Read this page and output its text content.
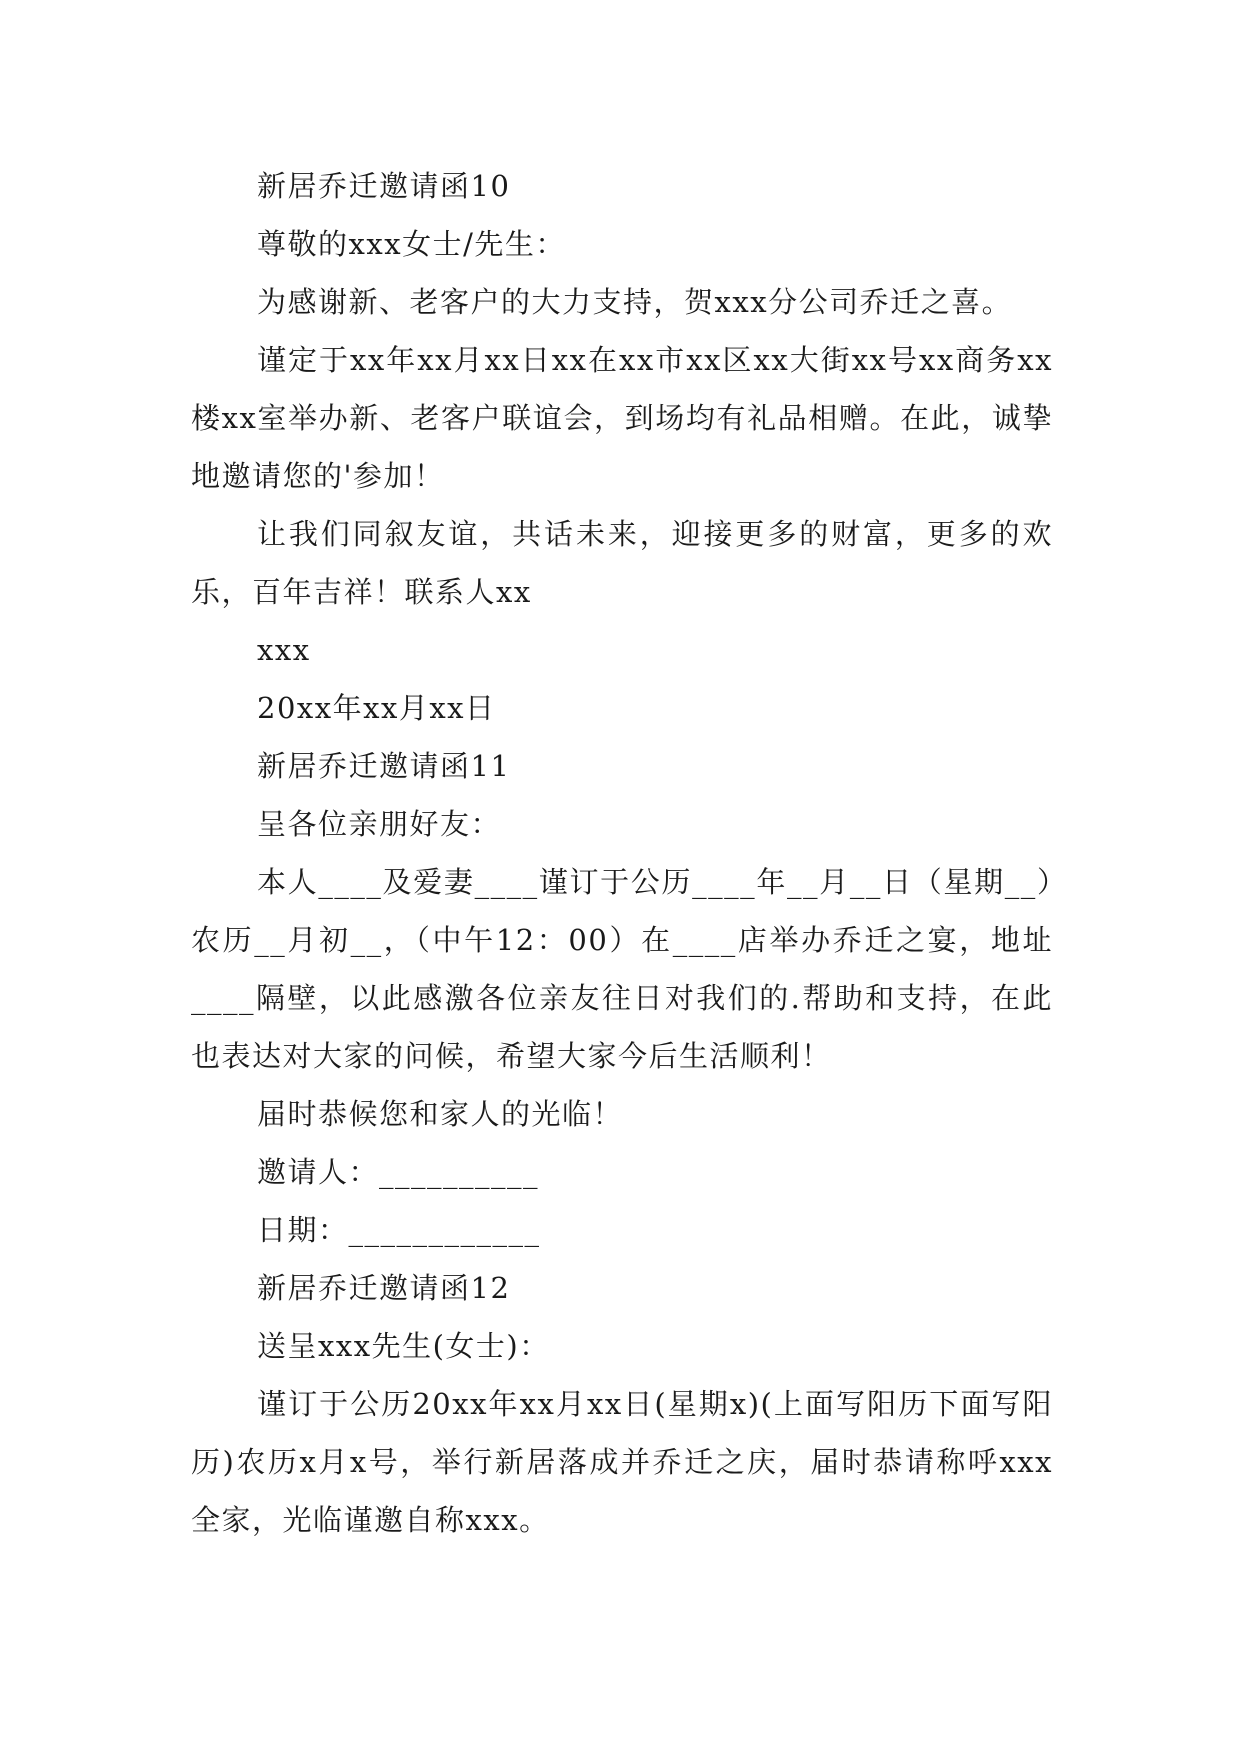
新居乔迁邀请函10

尊敬的xxx女士/先生：

为感谢新、老客户的大力支持，贺xxx分公司乔迁之喜。

谨定于xx年xx月xx日xx在xx市xx区xx大街xx号xx商务xx楼xx室举办新、老客户联谊会，到场均有礼品相赠。在此，诚挚地邀请您的'参加！

让我们同叙友谊，共话未来，迎接更多的财富，更多的欢乐，百年吉祥！联系人xx

xxx

20xx年xx月xx日

新居乔迁邀请函11

呈各位亲朋好友：

本人____及爱妻____谨订于公历____年__月__日（星期__）农历__月初__，（中午12：00）在____店举办乔迁之宴，地址____隔壁，以此感激各位亲友往日对我们的.帮助和支持，在此也表达对大家的问候，希望大家今后生活顺利！

届时恭候您和家人的光临！

邀请人：__________

日期：____________

新居乔迁邀请函12

送呈xxx先生(女士)：

谨订于公历20xx年xx月xx日(星期x)(上面写阳历下面写阳历)农历x月x号，举行新居落成并乔迁之庆，届时恭请称呼xxx全家，光临谨邀自称xxx。
